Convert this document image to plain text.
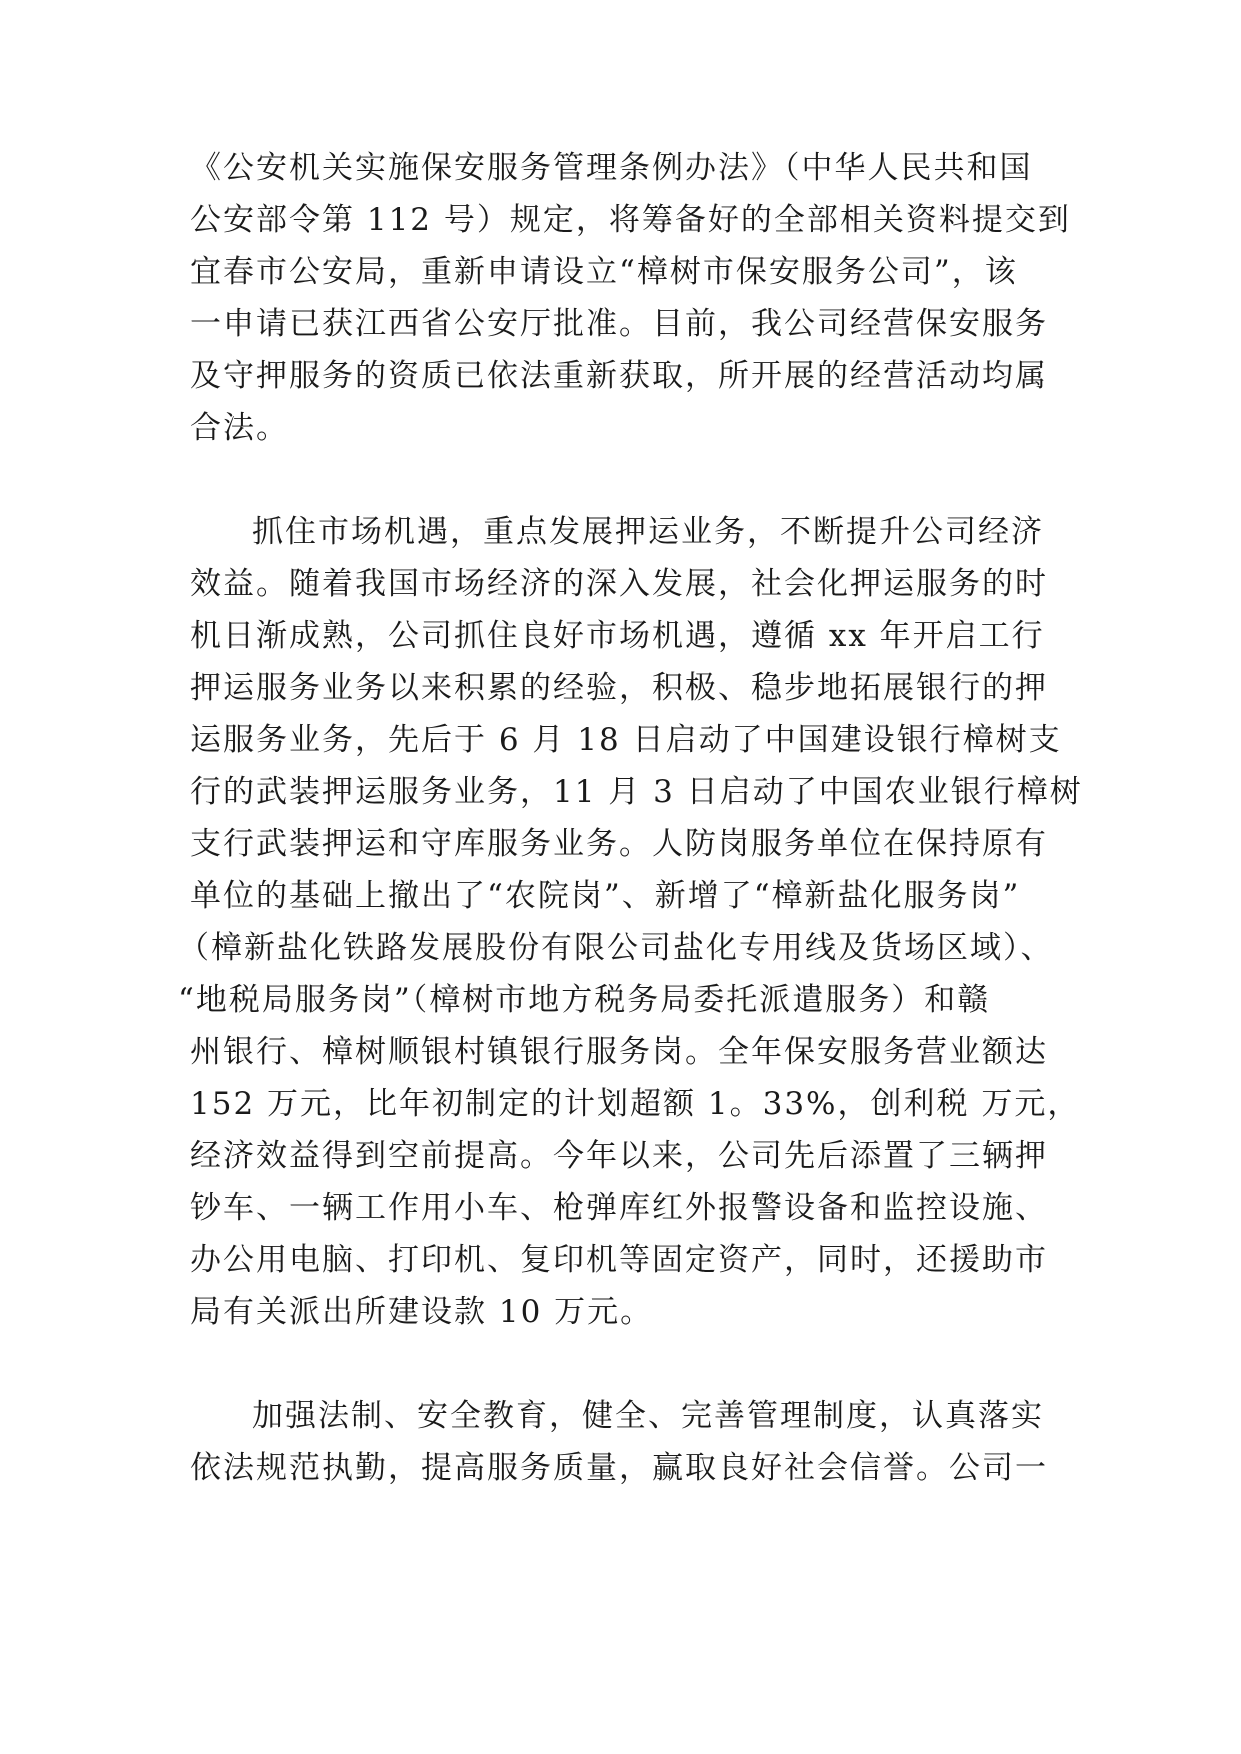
《公安机关实施保安服务管理条例办法》（中华人民共和国
公安部令第 112 号）规定，将筹备好的全部相关资料提交到
宜春市公安局，重新申请设立“樟树市保安服务公司”，该
一申请已获江西省公安厅批准。目前，我公司经营保安服务
及守押服务的资质已依法重新获取，所开展的经营活动均属
合法。
抓住市场机遇，重点发展押运业务，不断提升公司经济
效益。随着我国市场经济的深入发展，社会化押运服务的时
机日渐成熟，公司抓住良好市场机遇，遵循 xx 年开启工行
押运服务业务以来积累的经验，积极、稳步地拓展银行的押
运服务业务，先后于 6 月 18 日启动了中国建设银行樟树支
行的武装押运服务业务，11 月 3 日启动了中国农业银行樟树
支行武装押运和守库服务业务。人防岗服务单位在保持原有
单位的基础上撤出了“农院岗”、新增了“樟新盐化服务岗”
（樟新盐化铁路发展股份有限公司盐化专用线及货场区域）、
“地税局服务岗”（樟树市地方税务局委托派遣服务）和赣
州银行、樟树顺银村镇银行服务岗。全年保安服务营业额达
152 万元，比年初制定的计划超额 1。33%，创利税 万元，
经济效益得到空前提高。今年以来，公司先后添置了三辆押
钞车、一辆工作用小车、枪弹库红外报警设备和监控设施、
办公用电脑、打印机、复印机等固定资产，同时，还援助市
局有关派出所建设款 10 万元。
加强法制、安全教育，健全、完善管理制度，认真落实
依法规范执勤，提高服务质量，赢取良好社会信誉。公司一
